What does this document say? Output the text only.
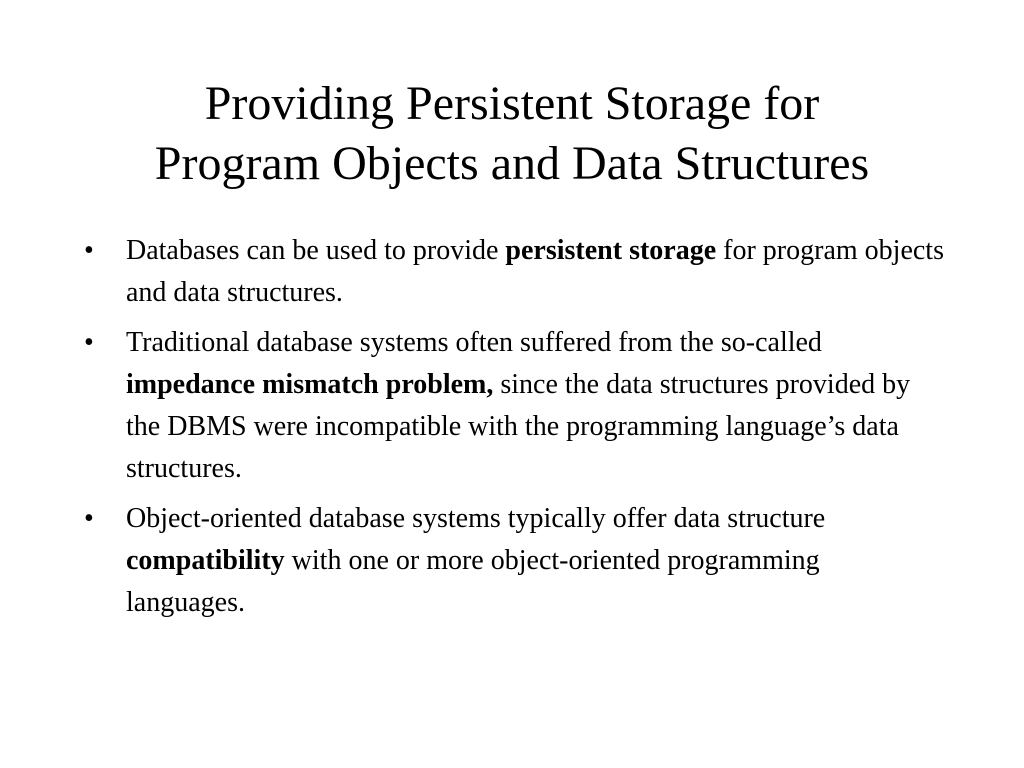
Providing Persistent Storage for
Program Objects and Data Structures
•	Databases can be used to provide persistent storage for program objects and data structures.
•	Traditional database systems often suffered from the so-called impedance mismatch problem, since the data structures provided by the DBMS were incompatible with the programming language’s data structures.
•	Object-oriented database systems typically offer data structure compatibility with one or more object-oriented programming languages.
